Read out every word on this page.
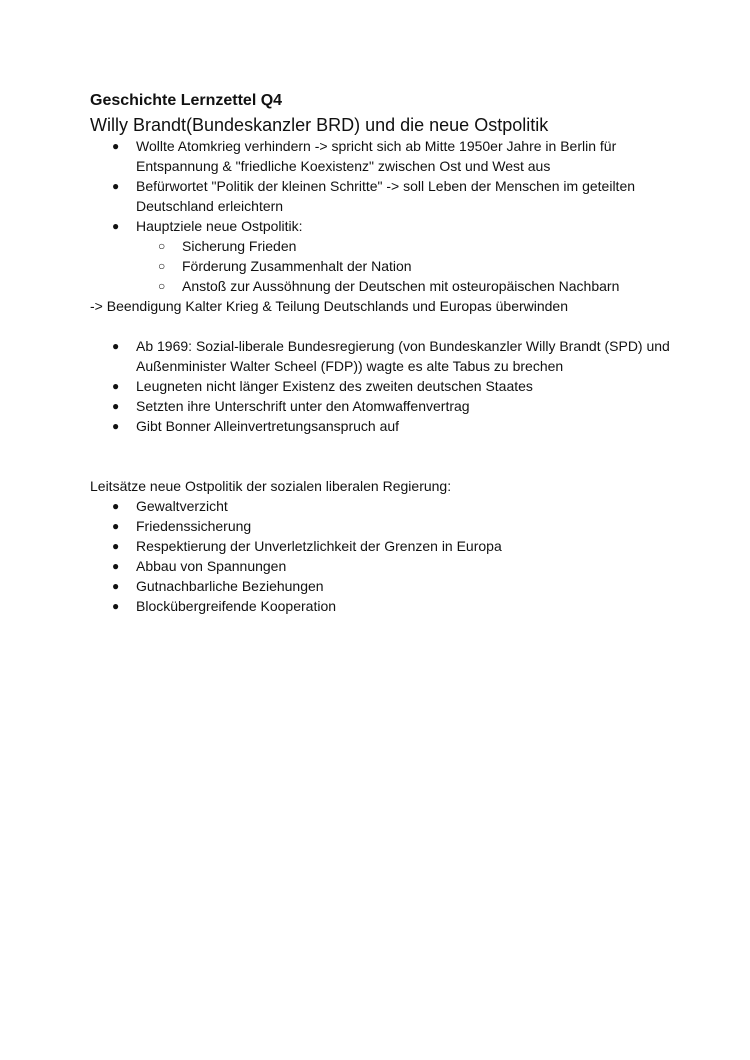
Geschichte Lernzettel Q4
Willy Brandt(Bundeskanzler BRD) und die neue Ostpolitik
● Wollte Atomkrieg verhindern -> spricht sich ab Mitte 1950er Jahre in Berlin für Entspannung & "friedliche Koexistenz" zwischen Ost und West aus
● Befürwortet "Politik der kleinen Schritte" -> soll Leben der Menschen im geteilten Deutschland erleichtern
● Hauptziele neue Ostpolitik:
○ Sicherung Frieden
○ Förderung Zusammenhalt der Nation
○ Anstoß zur Aussöhnung der Deutschen mit osteuropäischen Nachbarn
-> Beendigung Kalter Krieg & Teilung Deutschlands und Europas überwinden
● Ab 1969: Sozial-liberale Bundesregierung (von Bundeskanzler Willy Brandt (SPD) und Außenminister Walter Scheel (FDP)) wagte es alte Tabus zu brechen
● Leugneten nicht länger Existenz des zweiten deutschen Staates
● Setzten ihre Unterschrift unter den Atomwaffenvertrag
● Gibt Bonner Alleinvertretungsanspruch auf
Leitsätze neue Ostpolitik der sozialen liberalen Regierung:
● Gewaltverzicht
● Friedenssicherung
● Respektierung der Unverletzlichkeit der Grenzen in Europa
● Abbau von Spannungen
● Gutnachbarliche Beziehungen
● Blockübergreifende Kooperation
